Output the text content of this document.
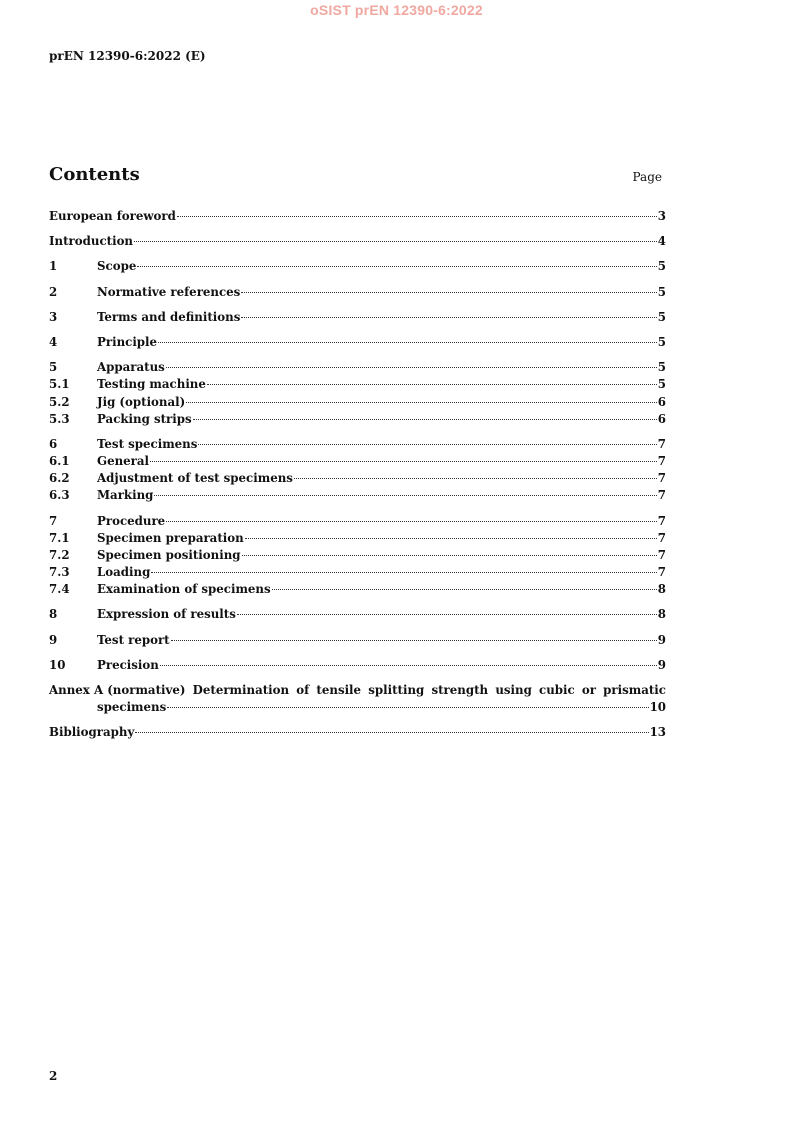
oSIST prEN 12390-6:2022
prEN 12390-6:2022 (E)
Contents	Page
European foreword	3
Introduction	4
1	Scope	5
2	Normative references	5
3	Terms and definitions	5
4	Principle	5
5	Apparatus	5
5.1	Testing machine	5
5.2	Jig (optional)	6
5.3	Packing strips	6
6	Test specimens	7
6.1	General	7
6.2	Adjustment of test specimens	7
6.3	Marking	7
7	Procedure	7
7.1	Specimen preparation	7
7.2	Specimen positioning	7
7.3	Loading	7
7.4	Examination of specimens	8
8	Expression of results	8
9	Test report	9
10	Precision	9
Annex A (normative) Determination of tensile splitting strength using cubic or prismatic
specimens	10
Bibliography	13
2
